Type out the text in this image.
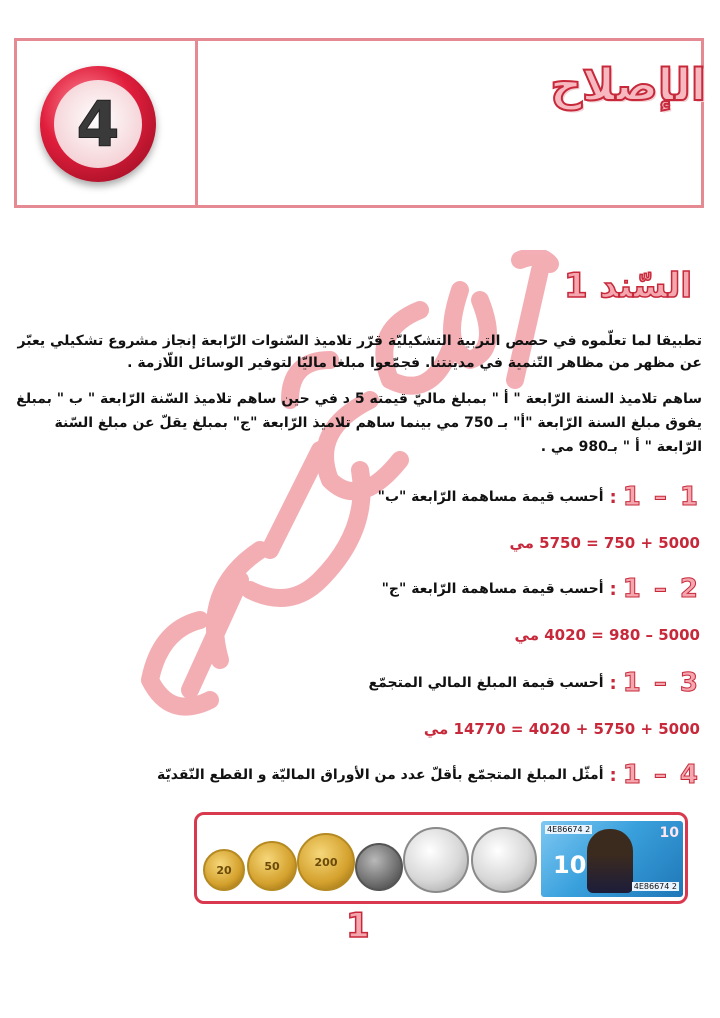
الإصلاح
4
السّند 1
تطبيقا لما تعلّموه في حصص التربية التشكيليّة قرّر تلاميذ السّنوات الرّابعة إنجاز مشروع تشكيلي يعبّر
عن مظهر من مظاهر التّنمية في مدينتنا. فجمّعوا مبلغا ماليّا لتوفير الوسائل اللّازمة .
ساهم تلاميذ السنة الرّابعة " أ " بمبلغ ماليّ قيمته 5 د في حين ساهم تلاميذ السّنة الرّابعة " ب " بمبلغ
يفوق مبلغ السنة الرّابعة "أ" بـ 750 مي بينما ساهم تلاميذ الرّابعة "ج" بمبلغ يقلّ عن مبلغ السّنة
الرّابعة " أ " بـ980 مي .
1 – 1
:
أحسب قيمة مساهمة الرّابعة "ب"
5000 + 750 = 5750 مي
2 – 1
:
أحسب قيمة مساهمة الرّابعة "ج"
5000 – 980 = 4020 مي
3 – 1
:
أحسب قيمة المبلغ المالي المتجمّع
5000 + 5750 + 4020 = 14770 مي
4 – 1
:
أمثّل المبلغ المتجمّع بأقلّ عدد من الأوراق الماليّة و القطع النّقديّة
20	50	200
4E86674 2	10
10
4E86674 2
1
